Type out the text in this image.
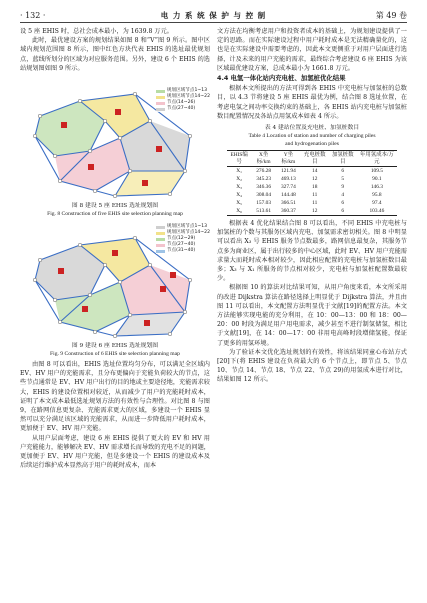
· 132 ·	电 力 系 统 保 护 与 控 制	第 49 卷

设 5 座 EHIS 时，总社会成本最小，为 1639.8 万元。

此时，最优建设方案的规划结果如图 8 和“V”图 9 所示。图中区域内规划范围图 8 所示，图中红色方块代表 EHIS 的选址最优规划点，蓝线所划分的区域为对应服务范围。另外，建设 6 个 EHIS 的选站规划图如图 9 所示。

规划区域节点1~13
规划区域节点14~22
节点(14~26)
节点(27~40)
图 8 建设 5 座 EHIS 选址规划图
Fig. 8 Construction of five EHIS site selection planning map
规划区域节点1~13
规划区域节点14~22
节点(12~29)
节点(27~40)
节点(31~40)
图 9 建设 6 座 EHIS 选址规划图
Fig. 9 Construction of 6 EHIS site selection planning map

由图 8 可以看出，EHIS 选址位置均匀分布，可以满足全区域内 EV、HV 用户的充能需求，且分布更偏向于充能负荷较大的节点，这些节点通常是 EV、HV 用户出行的目的地或主要途径地，充能需求较大，EHIS 的建设位置相对较近，从而减少了用户的充能耗时成本，证明了本文成本最低选址规划方法的有效性与合理性。对比图 8 与图 9，在路网信息更复杂、充能需求更大的区域，多建设一个 EHIS 显然可以充分满足该区域的充能需求，从而进一步降低用户耗时成本，更加便于 EV、HV 用户充能。

从用户层面考虑，建设 6 座 EHIS 提供了更大的 EV 和 HV 用户充能能力，能够解决 EV、HV 需求增长而导致的充电不足的问题，更加便于 EV、HV 用户充能，但是多建设一个 EHIS 的建设成本及后续运行维护成本显然高于用户的耗时成本，而本

文方法在均衡考虑用户和投资者成本的基础上，为规划建设提供了一定的思路。而在实际建设过程中用户耗时成本是无法精确量化的，这也是在实际建设中需要考虑的，因此本文更侧重于对用户层面进行选择，计及未来的用户充能的需求，最终综合考虑建设 6 座 EHIS 为该区域最优建设方案，总成本最小为 1661.8 万元。

4.4 电氢一体化站内充电桩、加氢桩优化结果

根据本文所提出的方法可得到各 EHIS 中充电桩与加氢桩的总数目，以 4.3 节将建设 5 座 EHIS 最优为例，结合图 8 选址位置，在考虑电氢之间功率交换约束的基础上，各 EHIS 站内充电桩与加氢桩数目配置情况及各站点用氢成本如表 4 所示。

表 4 建站位置及充电桩、加氢桩数目
Table 4 Location of station and number of charging piles
and hydrogenation piles
EHIS编号	X坐标/km	Y坐标/km	充电桩数目	加氢桩数目	年用氢成本/万元
X₁	276.28	121.94	14	6	109.5
X₂	345.23	469.13	12	5	90.1
X₃	346.36	327.74	18	9	146.3
X₄	308.04	144.48	11	4	95.8
X₅	157.03	366.51	11	6	97.4
X₆	513.61	360.37	12	6	103.46

根据表 4 优化结果结合图 8 可以看出，不同 EHIS 中充电桩与加氢桩的个数与其服务区域内充电、加氢需求密切相关。图 8 中明显可以看出 X₃ 号 EHIS 服务节点数最多，路网信息最复杂，其服务节点多为商业区，属于出行较多的中心区域，此时 EV、HV 用户充能需求量大而耗时成本相对较少，因此相应配置的充电桩与加氢桩数目最多；X₃ 与 X₁ 所服务的节点相对较少，充电桩与加氢桩配置数最较少。

根据图 10 的算法对比结果可知，从用户角度来看，本文所采用的改进 Dijkstra 算法在路径选择上明显优于 Dijkstra 算法，并且由图 11 可以看出，本文配置方法明显优于文献[19]的配置方法。本文方法能够实现电能的充分利用，在 10：00—13：00 和 18：00—20：00 时段为满足用户用电需求，减少甚至不进行制氢储氢，相比于文献[19]，在 14：00—17：00 非用电高峰时段增储氢能，保证了更多的用氢环境。

为了验证本文优化选址规划的有效性，将该结果同童心布站方式[20]下(将 EHIS 建设在负荷最大的 6 个节点上，即节点 5、节点 10、节点 14、节点 18、节点 22、节点 29)的用氢成本进行对比，结果如图 12 所示。
